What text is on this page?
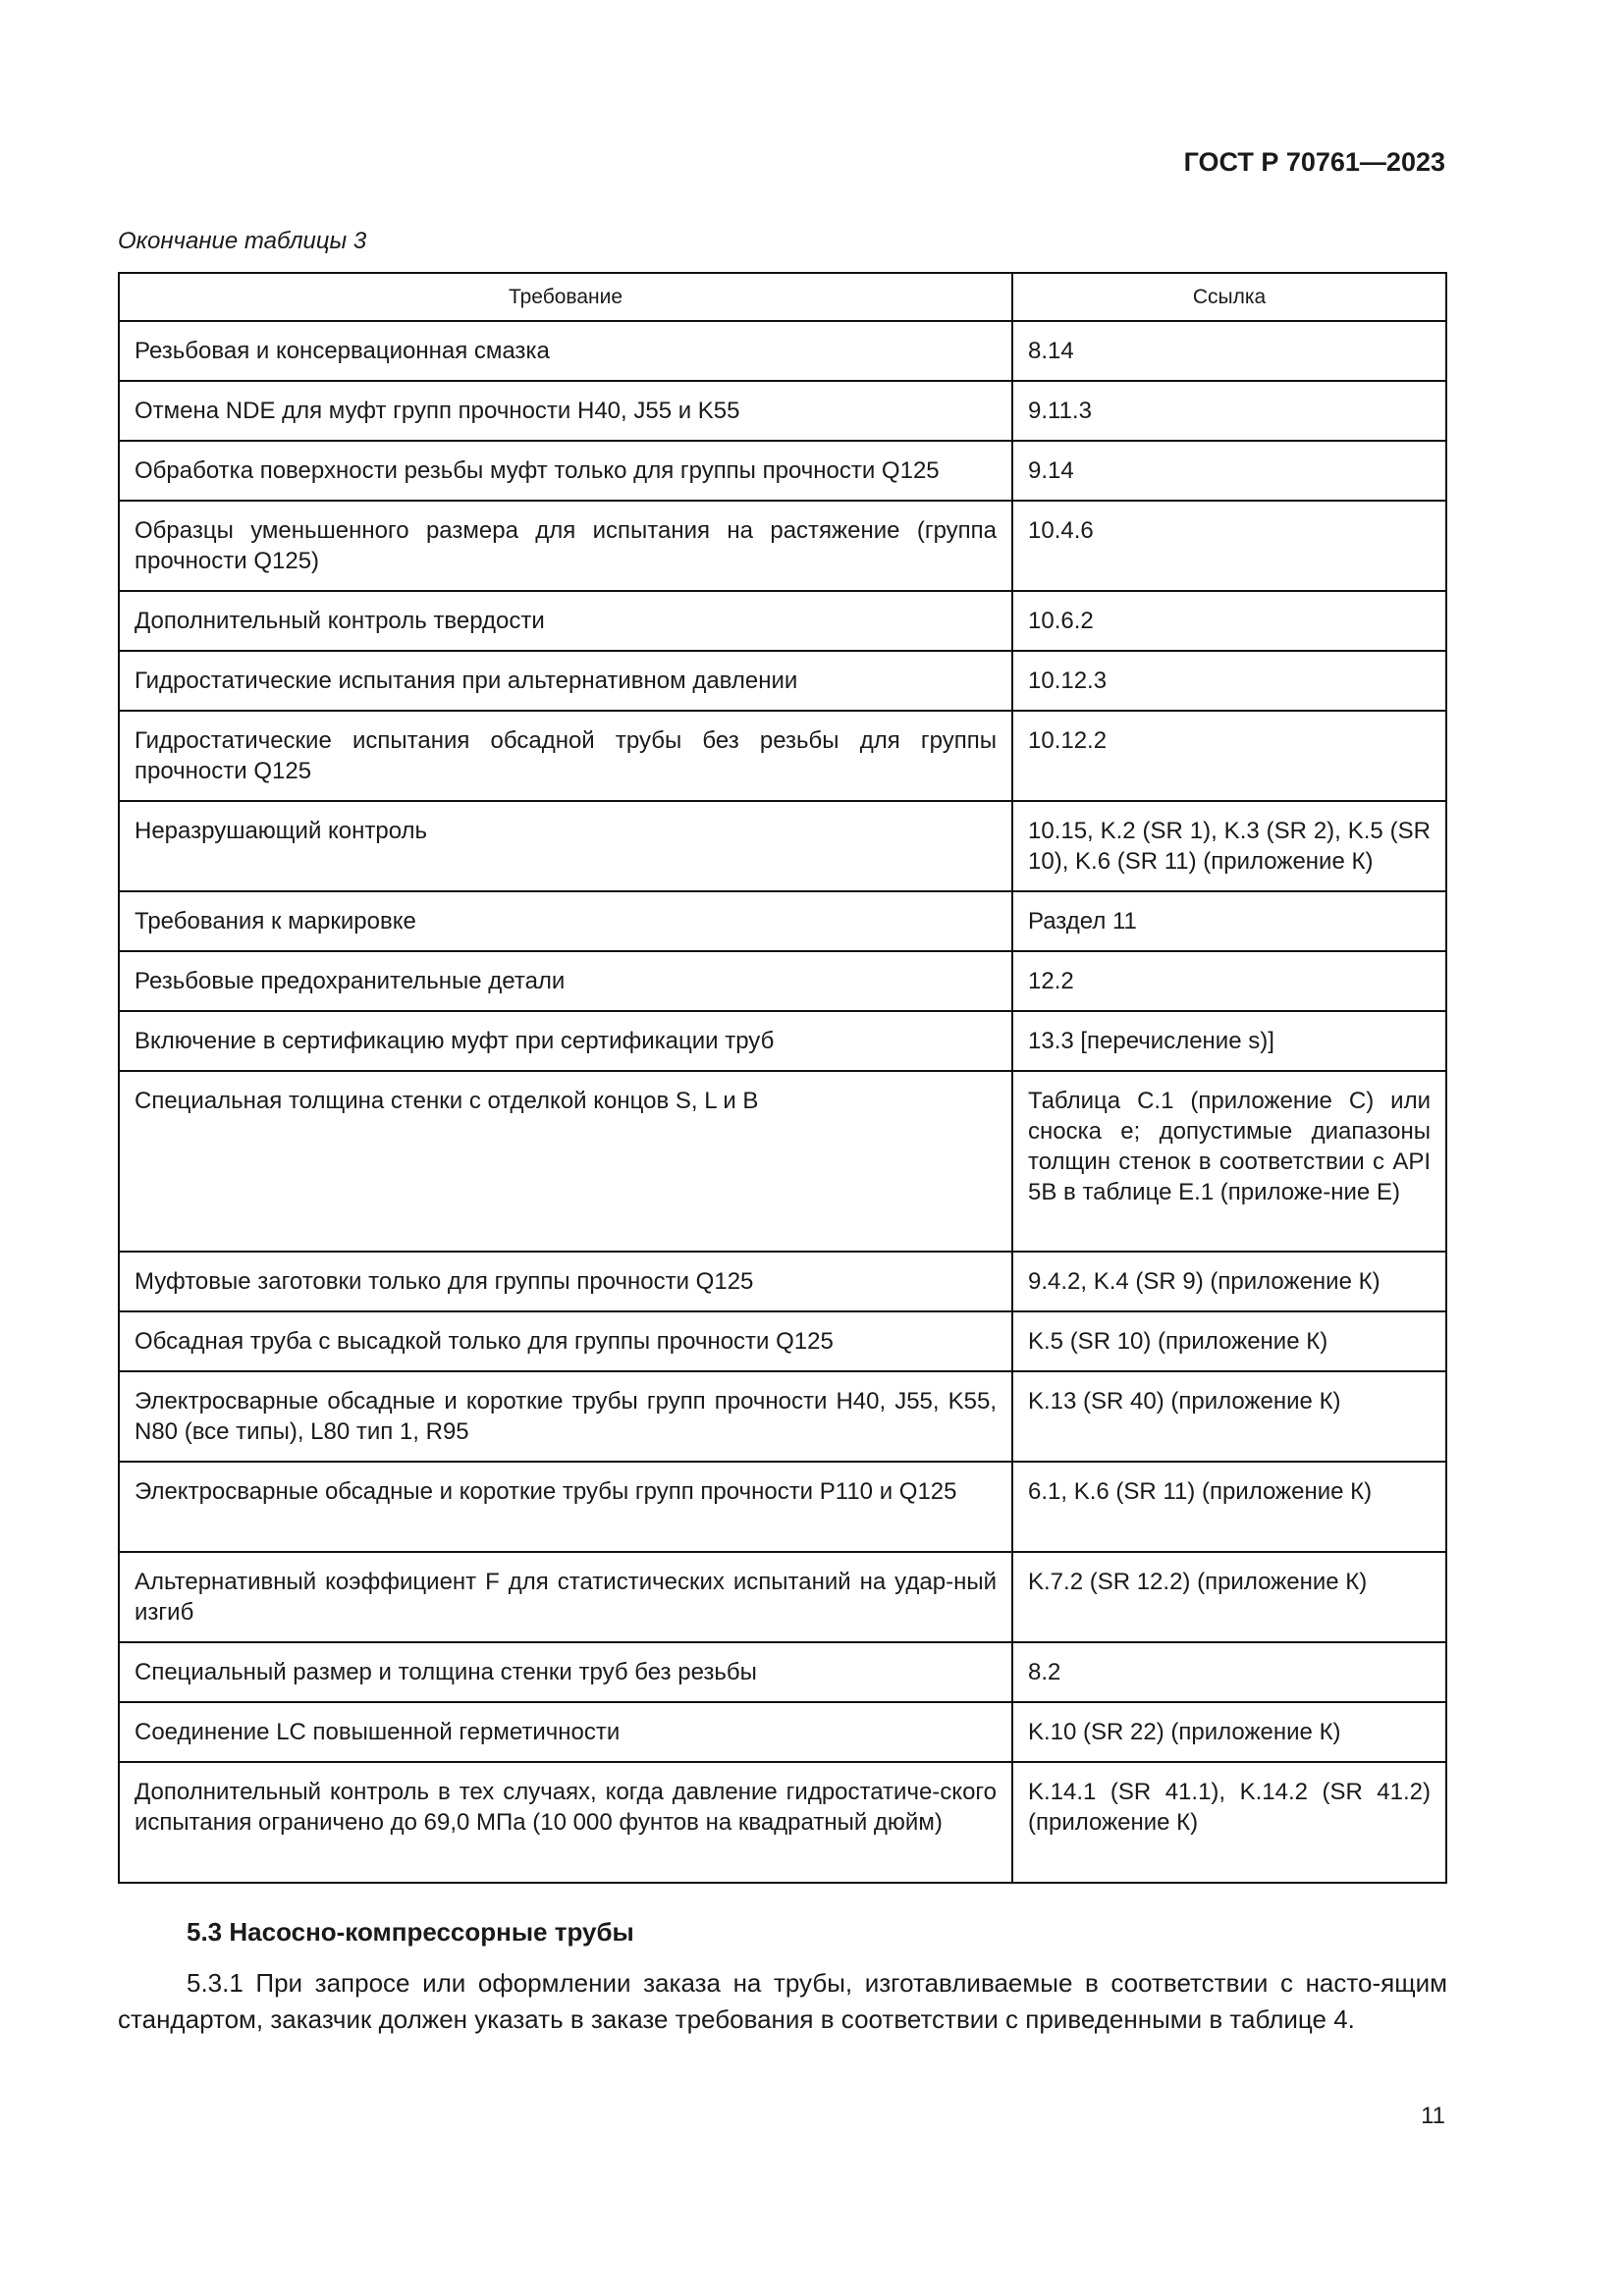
ГОСТ Р 70761—2023
Окончание таблицы 3
Требование	Ссылка
Резьбовая и консервационная смазка	8.14
Отмена NDE для муфт групп прочности H40, J55 и K55	9.11.3
Обработка поверхности резьбы муфт только для группы прочности Q125	9.14
Образцы уменьшенного размера для испытания на растяжение (группа прочности Q125)	10.4.6
Дополнительный контроль твердости	10.6.2
Гидростатические испытания при альтернативном давлении	10.12.3
Гидростатические испытания обсадной трубы без резьбы для группы прочности Q125	10.12.2
Неразрушающий контроль	10.15, K.2 (SR 1), K.3 (SR 2), K.5 (SR 10), K.6 (SR 11) (приложение К)
Требования к маркировке	Раздел 11
Резьбовые предохранительные детали	12.2
Включение в сертификацию муфт при сертификации труб	13.3 [перечисление s)]
Специальная толщина стенки с отделкой концов S, L и B	Таблица C.1 (приложение C) или сноска е; допустимые диапазоны толщин стенок в соответствии с API 5B в таблице E.1 (приложе-ние E)
Муфтовые заготовки только для группы прочности Q125	9.4.2, K.4 (SR 9) (приложение К)
Обсадная труба с высадкой только для группы прочности Q125	K.5 (SR 10) (приложение К)
Электросварные обсадные и короткие трубы групп прочности H40, J55, K55, N80 (все типы), L80 тип 1, R95	K.13 (SR 40) (приложение К)
Электросварные обсадные и короткие трубы групп прочности P110 и Q125	6.1, K.6 (SR 11) (приложение К)
Альтернативный коэффициент F для статистических испытаний на удар-ный изгиб	K.7.2 (SR 12.2) (приложение К)
Специальный размер и толщина стенки труб без резьбы	8.2
Соединение LC повышенной герметичности	K.10 (SR 22) (приложение К)
Дополнительный контроль в тех случаях, когда давление гидростатиче-ского испытания ограничено до 69,0 МПа (10 000 фунтов на квадратный дюйм)	K.14.1 (SR 41.1), K.14.2 (SR 41.2) (приложение К)
5.3 Насосно-компрессорные трубы
5.3.1 При запросе или оформлении заказа на трубы, изготавливаемые в соответствии с насто-ящим стандартом, заказчик должен указать в заказе требования в соответствии с приведенными в таблице 4.
11
